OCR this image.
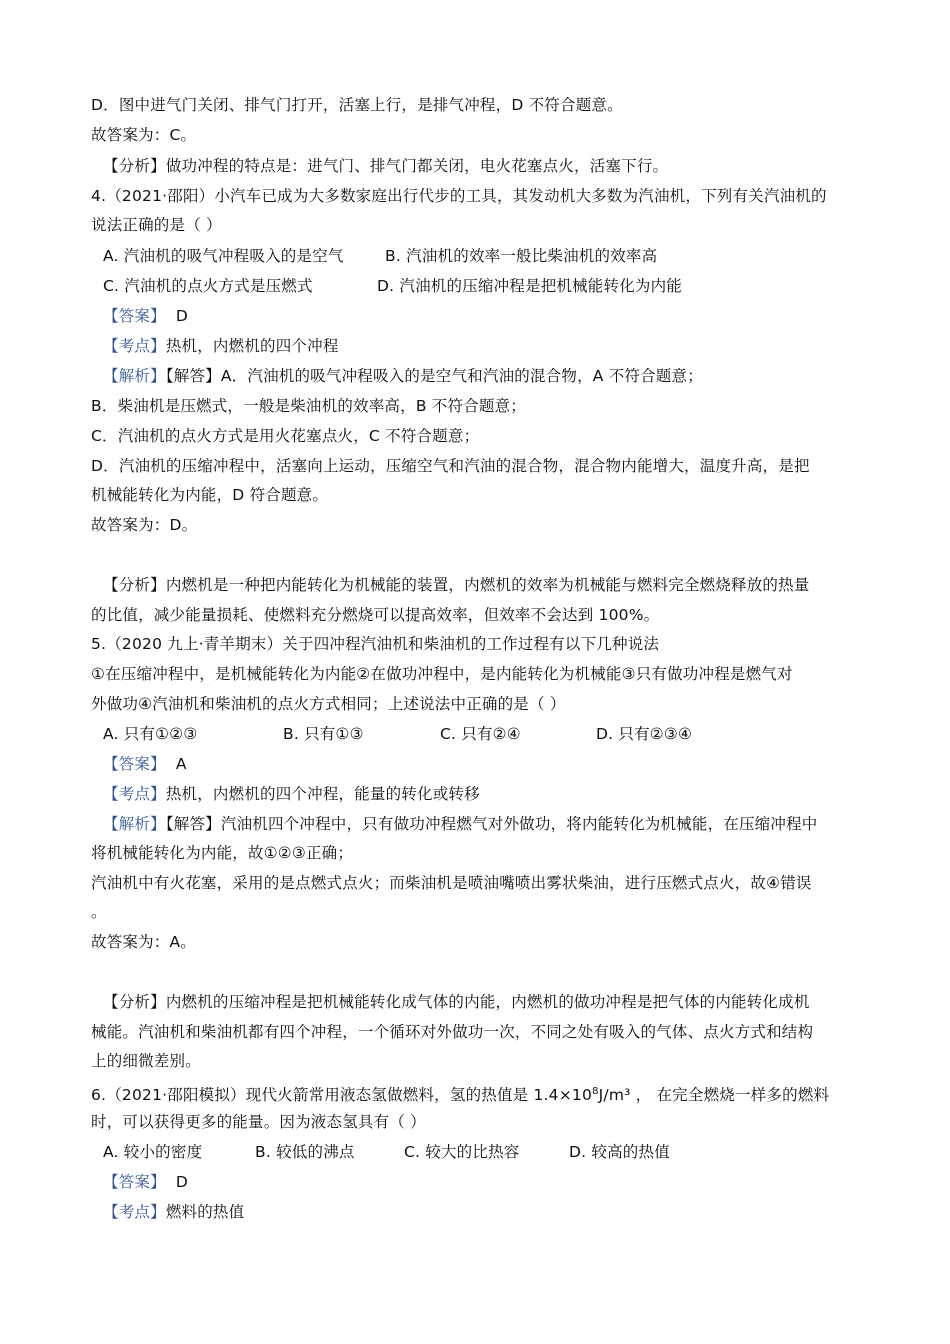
D．图中进气门关闭、排气门打开，活塞上行，是排气冲程，D 不符合题意。
故答案为：C。
【分析】做功冲程的特点是：进气门、排气门都关闭，电火花塞点火，活塞下行。
4.（2021·邵阳）小汽车已成为大多数家庭出行代步的工具，其发动机大多数为汽油机，下列有关汽油机的
说法正确的是（ ）
A. 汽油机的吸气冲程吸入的是空气	B. 汽油机的效率一般比柴油机的效率高
C. 汽油机的点火方式是压燃式	D. 汽油机的压缩冲程是把机械能转化为内能
【答案】 D
【考点】热机，内燃机的四个冲程
【解析】【解答】A．汽油机的吸气冲程吸入的是空气和汽油的混合物，A 不符合题意；
B．柴油机是压燃式，一般是柴油机的效率高，B 不符合题意；
C．汽油机的点火方式是用火花塞点火，C 不符合题意；
D．汽油机的压缩冲程中，活塞向上运动，压缩空气和汽油的混合物，混合物内能增大，温度升高，是把
机械能转化为内能，D 符合题意。
故答案为：D。
【分析】内燃机是一种把内能转化为机械能的装置，内燃机的效率为机械能与燃料完全燃烧释放的热量
的比值，减少能量损耗、使燃料充分燃烧可以提高效率，但效率不会达到 100%。
5.（2020 九上·青羊期末）关于四冲程汽油机和柴油机的工作过程有以下几种说法
①在压缩冲程中，是机械能转化为内能②在做功冲程中，是内能转化为机械能③只有做功冲程是燃气对
外做功④汽油机和柴油机的点火方式相同；上述说法中正确的是（ ）
A. 只有①②③	B. 只有①③	C. 只有②④	D. 只有②③④
【答案】 A
【考点】热机，内燃机的四个冲程，能量的转化或转移
【解析】【解答】汽油机四个冲程中，只有做功冲程燃气对外做功，将内能转化为机械能，在压缩冲程中
将机械能转化为内能，故①②③正确；
汽油机中有火花塞，采用的是点燃式点火；而柴油机是喷油嘴喷出雾状柴油，进行压燃式点火，故④错误
。
故答案为：A。
【分析】内燃机的压缩冲程是把机械能转化成气体的内能，内燃机的做功冲程是把气体的内能转化成机
械能。汽油机和柴油机都有四个冲程，一个循环对外做功一次，不同之处有吸入的气体、点火方式和结构
上的细微差别。
6.（2021·邵阳模拟）现代火箭常用液态氢做燃料，氢的热值是 $1.4\times 10^8J/m^3$ ， 在完全燃烧一样多的燃料
时，可以获得更多的能量。因为液态氢具有（ ）
A. 较小的密度	B. 较低的沸点	C. 较大的比热容	D. 较高的热值
【答案】 D
【考点】燃料的热值
